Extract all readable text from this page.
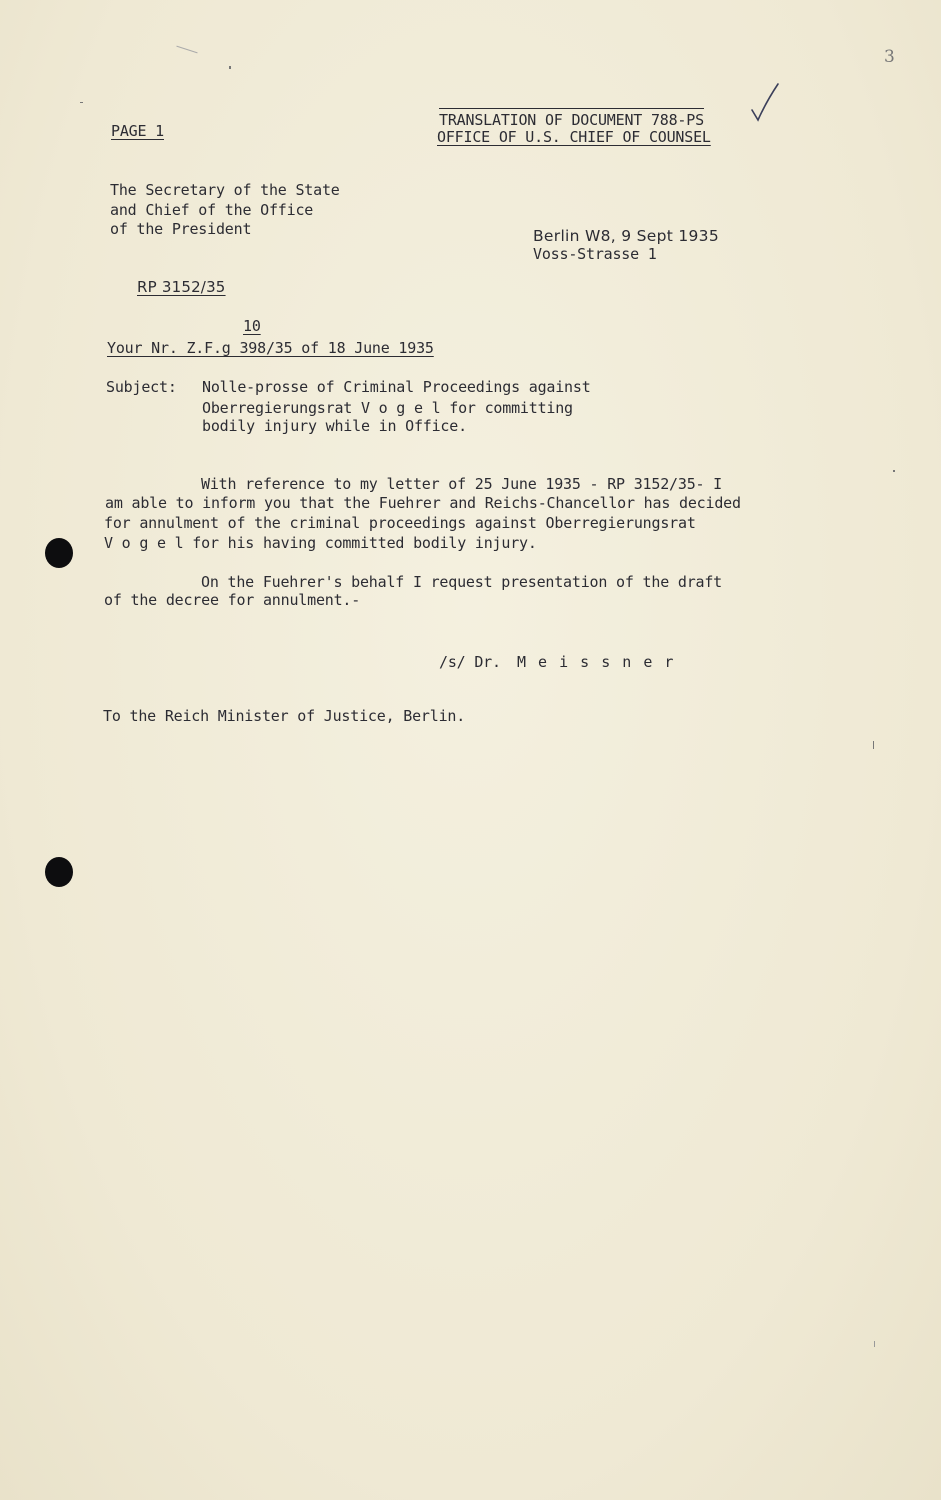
3
PAGE 1
TRANSLATION OF DOCUMENT 788-PS
OFFICE OF U.S. CHIEF OF COUNSEL
The Secretary of the State
and Chief of the Office
of the President	Berlin W8, 9 Sept 1935
Voss-Strasse 1
RP 3152/35
10
Your Nr. Z.F.g 398/35 of 18 June 1935
Subject: Nolle-prosse of Criminal Proceedings against
Oberregierungsrat V o g e l for committing
bodily injury while in Office.
With reference to my letter of 25 June 1935 - RP 3152/35- I
am able to inform you that the Fuehrer and Reichs-Chancellor has decided
for annulment of the criminal proceedings against Oberregierungsrat
V o g e l for his having committed bodily injury.
On the Fuehrer's behalf I request presentation of the draft
of the decree for annulment.-
/s/ Dr. M e i s s n e r
To the Reich Minister of Justice, Berlin.
